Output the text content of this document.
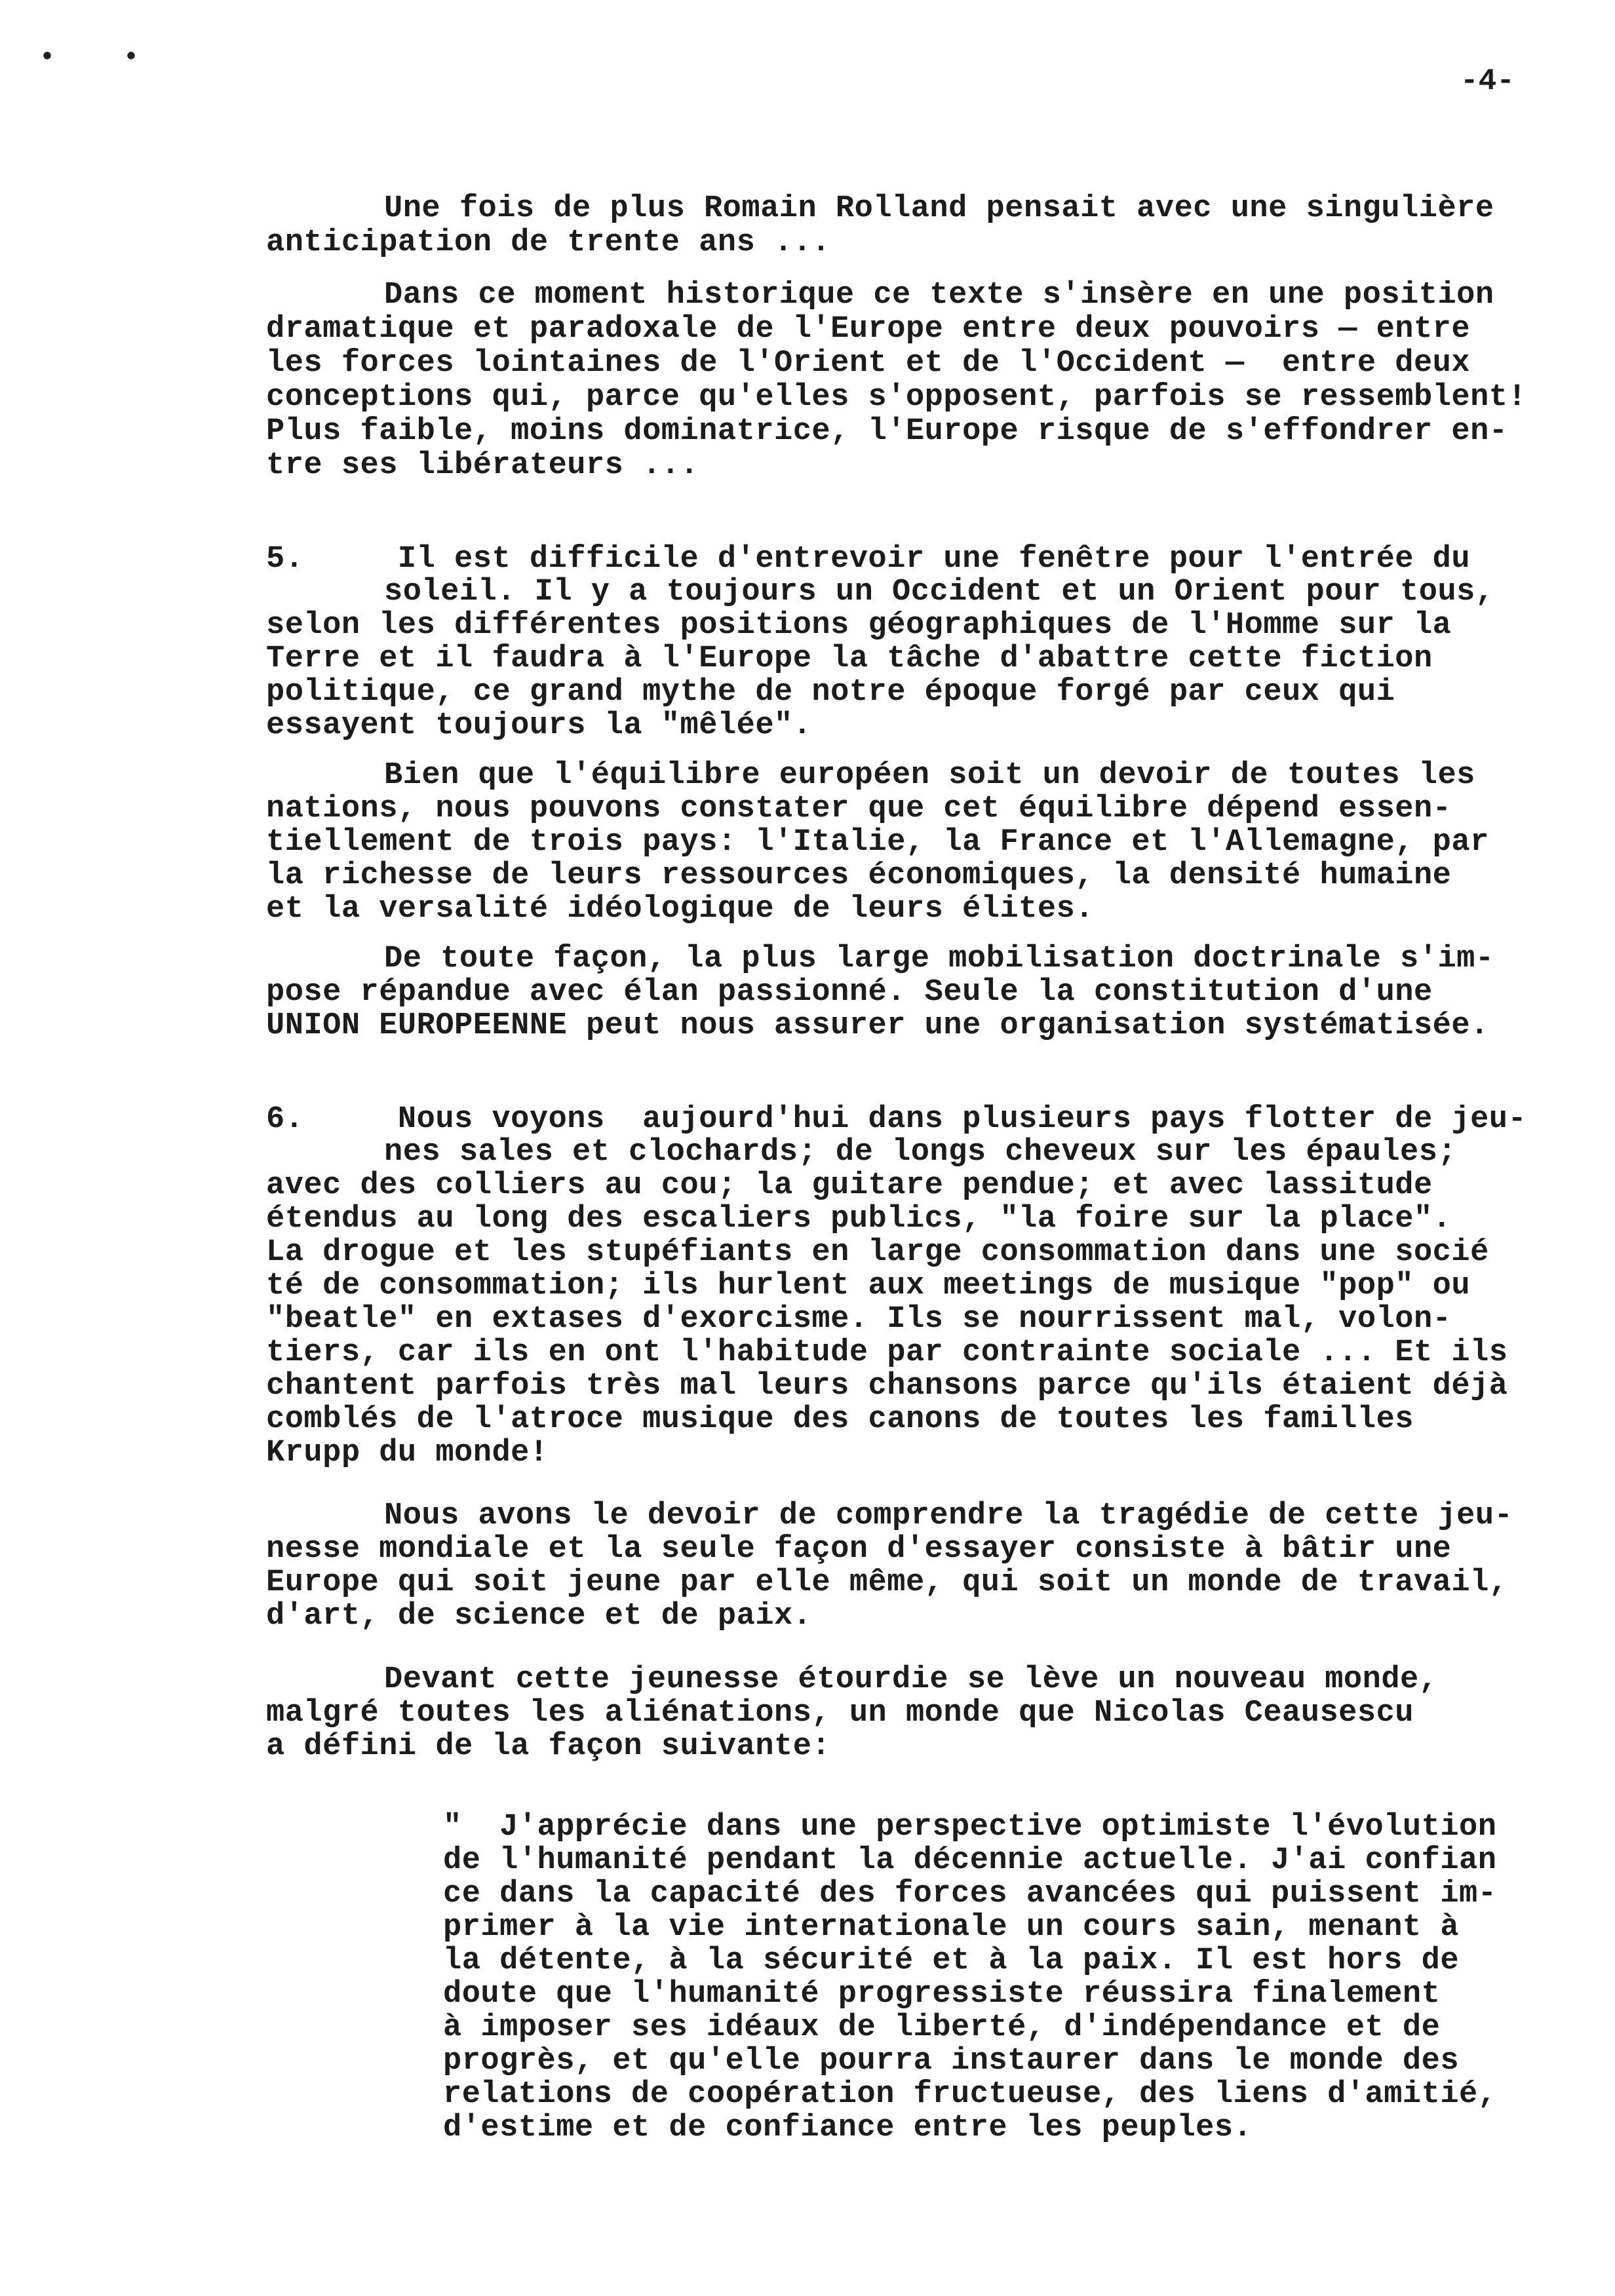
• •
-4-
Une fois de plus Romain Rolland pensait avec une singulière
anticipation de trente ans ...
Dans ce moment historique ce texte s'insère en une position
dramatique et paradoxale de l'Europe entre deux pouvoirs — entre
les forces lointaines de l'Orient et de l'Occident —  entre deux
conceptions qui, parce qu'elles s'opposent, parfois se ressemblent!
Plus faible, moins dominatrice, l'Europe risque de s'effondrer en-
tre ses libérateurs ...
5.     Il est difficile d'entrevoir une fenêtre pour l'entrée du
soleil. Il y a toujours un Occident et un Orient pour tous,
selon les différentes positions géographiques de l'Homme sur la
Terre et il faudra à l'Europe la tâche d'abattre cette fiction
politique, ce grand mythe de notre époque forgé par ceux qui
essayent toujours la "mêlée".
Bien que l'équilibre européen soit un devoir de toutes les
nations, nous pouvons constater que cet équilibre dépend essen-
tiellement de trois pays: l'Italie, la France et l'Allemagne, par
la richesse de leurs ressources économiques, la densité humaine
et la versalité idéologique de leurs élites.
De toute façon, la plus large mobilisation doctrinale s'im-
pose répandue avec élan passionné. Seule la constitution d'une
UNION EUROPEENNE peut nous assurer une organisation systématisée.
6.     Nous voyons  aujourd'hui dans plusieurs pays flotter de jeu-
nes sales et clochards; de longs cheveux sur les épaules;
avec des colliers au cou; la guitare pendue; et avec lassitude
étendus au long des escaliers publics, "la foire sur la place".
La drogue et les stupéfiants en large consommation dans une socié
té de consommation; ils hurlent aux meetings de musique "pop" ou
"beatle" en extases d'exorcisme. Ils se nourrissent mal, volon-
tiers, car ils en ont l'habitude par contrainte sociale ... Et ils
chantent parfois très mal leurs chansons parce qu'ils étaient déjà
comblés de l'atroce musique des canons de toutes les familles
Krupp du monde!
Nous avons le devoir de comprendre la tragédie de cette jeu-
nesse mondiale et la seule façon d'essayer consiste à bâtir une
Europe qui soit jeune par elle même, qui soit un monde de travail,
d'art, de science et de paix.
Devant cette jeunesse étourdie se lève un nouveau monde,
malgré toutes les aliénations, un monde que Nicolas Ceausescu
a défini de la façon suivante:
"  J'apprécie dans une perspective optimiste l'évolution
de l'humanité pendant la décennie actuelle. J'ai confian
ce dans la capacité des forces avancées qui puissent im-
primer à la vie internationale un cours sain, menant à
la détente, à la sécurité et à la paix. Il est hors de
doute que l'humanité progressiste réussira finalement
à imposer ses idéaux de liberté, d'indépendance et de
progrès, et qu'elle pourra instaurer dans le monde des
relations de coopération fructueuse, des liens d'amitié,
d'estime et de confiance entre les peuples.
